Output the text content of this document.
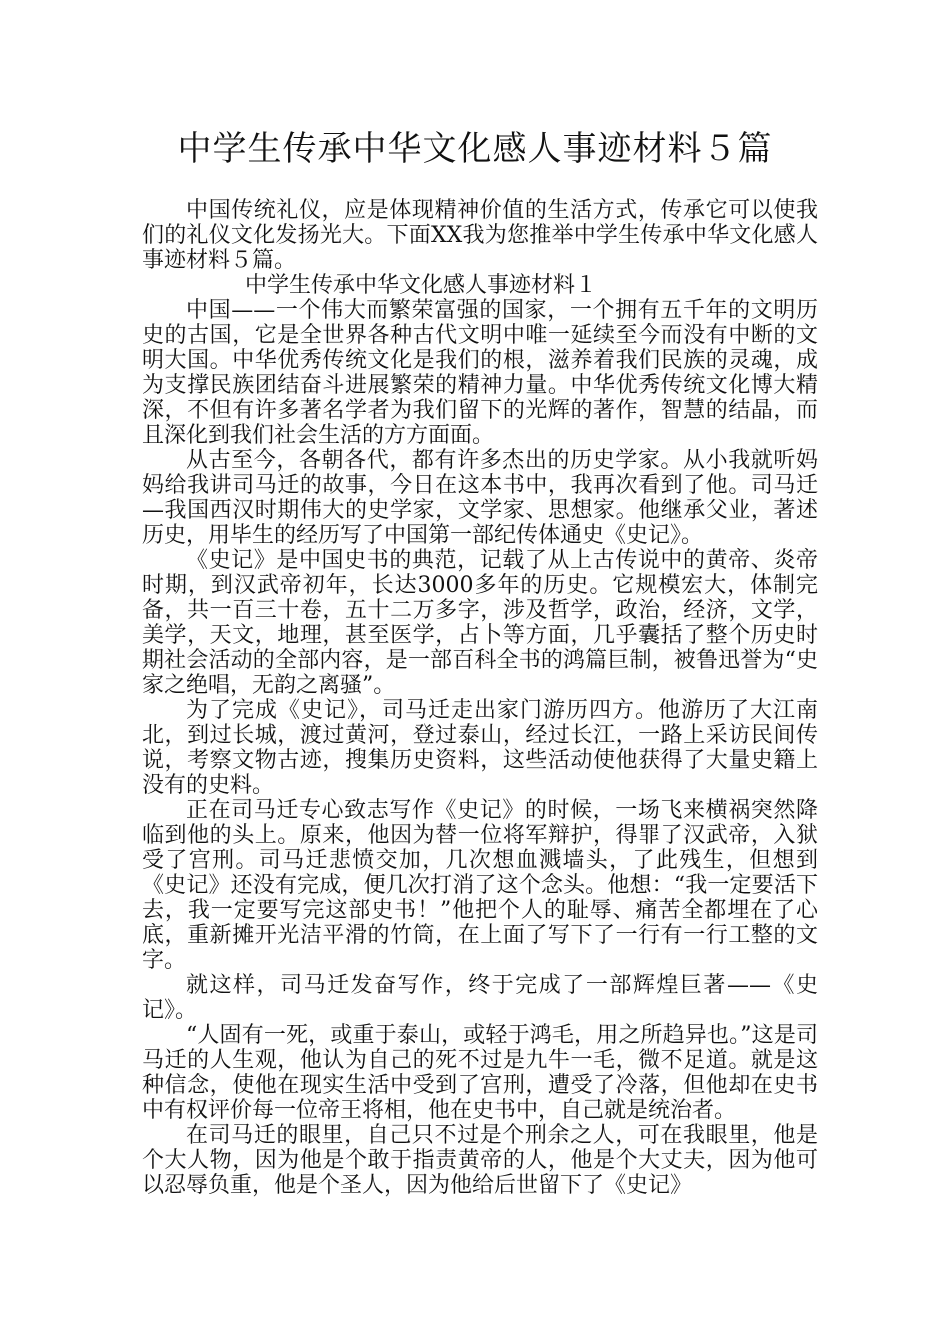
中学生传承中华文化感人事迹材料５篇

中国传统礼仪，应是体现精神价值的生活方式，传承它可以使我们的礼仪文化发扬光大。下面XX我为您推举中学生传承中华文化感人事迹材料５篇。

中学生传承中华文化感人事迹材料１

中国——一个伟大而繁荣富强的国家，一个拥有五千年的文明历史的古国，它是全世界各种古代文明中唯一延续至今而没有中断的文明大国。中华优秀传统文化是我们的根，滋养着我们民族的灵魂，成为支撑民族团结奋斗进展繁荣的精神力量。中华优秀传统文化博大精深，不但有许多著名学者为我们留下的光辉的著作，智慧的结晶，而且深化到我们社会生活的方方面面。

从古至今，各朝各代，都有许多杰出的历史学家。从小我就听妈妈给我讲司马迁的故事，今日在这本书中，我再次看到了他。司马迁—我国西汉时期伟大的史学家，文学家、思想家。他继承父业，著述历史，用毕生的经历写了中国第一部纪传体通史《史记》。

《史记》是中国史书的典范，记载了从上古传说中的黄帝、炎帝时期，到汉武帝初年，长达3000多年的历史。它规模宏大，体制完备，共一百三十卷，五十二万多字，涉及哲学，政治，经济，文学，美学，天文，地理，甚至医学，占卜等方面，几乎囊括了整个历史时期社会活动的全部内容，是一部百科全书的鸿篇巨制，被鲁迅誉为“史家之绝唱，无韵之离骚”。

为了完成《史记》，司马迁走出家门游历四方。他游历了大江南北，到过长城，渡过黄河，登过泰山，经过长江，一路上采访民间传说，考察文物古迹，搜集历史资料，这些活动使他获得了大量史籍上没有的史料。

正在司马迁专心致志写作《史记》的时候，一场飞来横祸突然降临到他的头上。原来，他因为替一位将军辩护，得罪了汉武帝，入狱受了宫刑。司马迁悲愤交加，几次想血溅墙头，了此残生，但想到《史记》还没有完成，便几次打消了这个念头。他想：“我一定要活下去，我一定要写完这部史书！”他把个人的耻辱、痛苦全都埋在了心底，重新摊开光洁平滑的竹筒，在上面了写下了一行有一行工整的文字。

就这样，司马迁发奋写作，终于完成了一部辉煌巨著——《史记》。

“人固有一死，或重于泰山，或轻于鸿毛，用之所趋异也。”这是司马迁的人生观，他认为自己的死不过是九牛一毛，微不足道。就是这种信念，使他在现实生活中受到了宫刑，遭受了冷落，但他却在史书中有权评价每一位帝王将相，他在史书中，自己就是统治者。

在司马迁的眼里，自己只不过是个刑余之人，可在我眼里，他是个大人物，因为他是个敢于指责黄帝的人，他是个大丈夫，因为他可以忍辱负重，他是个圣人，因为他给后世留下了《史记》
